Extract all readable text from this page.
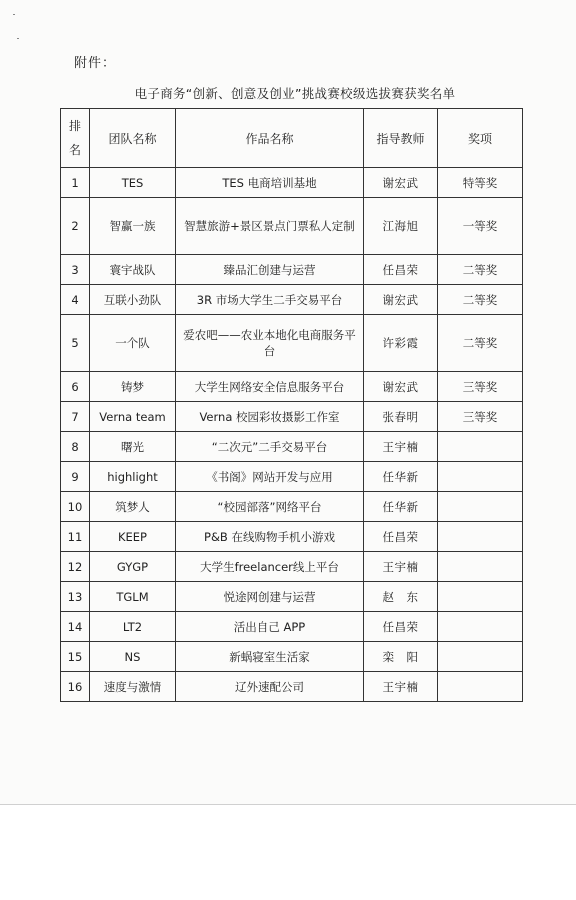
附件：
电子商务“创新、创意及创业”挑战赛校级选拔赛获奖名单
排名	团队名称	作品名称	指导教师	奖项
1	TES	TES 电商培训基地	谢宏武	特等奖
2	智赢一族	智慧旅游+景区景点门票私人定制	江海旭	一等奖
3	寰宇战队	臻品汇创建与运营	任昌荣	二等奖
4	互联小劲队	3R 市场大学生二手交易平台	谢宏武	二等奖
5	一个队	爱农吧——农业本地化电商服务平台	许彩霞	二等奖
6	铸梦	大学生网络安全信息服务平台	谢宏武	三等奖
7	Verna team	Verna 校园彩妆摄影工作室	张春明	三等奖
8	曙光	“二次元”二手交易平台	王宇楠	
9	highlight	《书阁》网站开发与应用	任华新	
10	筑梦人	“校园部落”网络平台	任华新	
11	KEEP	P&B 在线购物手机小游戏	任昌荣	
12	GYGP	大学生freelancer线上平台	王宇楠	
13	TGLM	悦途网创建与运营	赵　东	
14	LT2	活出自己 APP	任昌荣	
15	NS	新蜗寝室生活家	栾　阳	
16	速度与激情	辽外速配公司	王宇楠	
